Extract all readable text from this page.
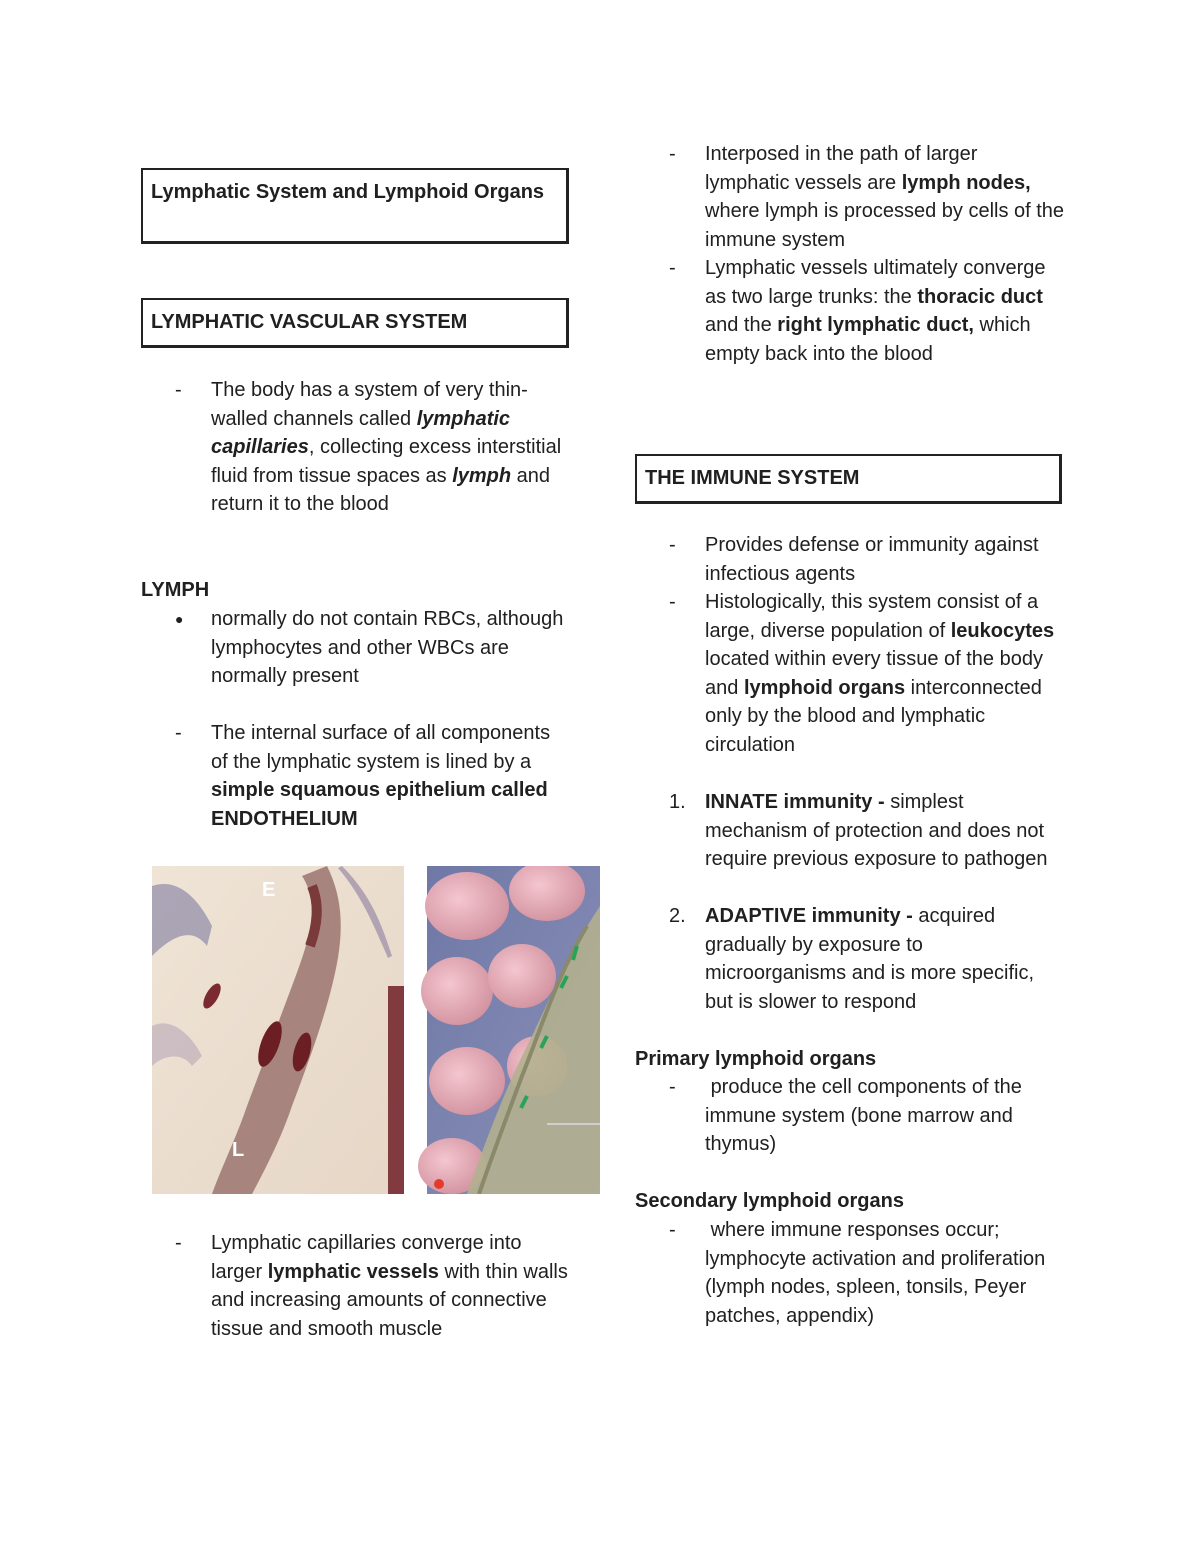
Lymphatic System and Lymphoid Organs
LYMPHATIC VASCULAR SYSTEM
-	The body has a system of very thin-walled channels called lymphatic capillaries, collecting excess interstitial fluid from tissue spaces as lymph and return it to the blood
LYMPH
●	normally do not contain RBCs, although lymphocytes and other WBCs are normally present
-	The internal surface of all components of the lymphatic system is lined by a simple squamous epithelium called ENDOTHELIUM
E
L
-	Lymphatic capillaries converge into larger lymphatic vessels with thin walls and increasing amounts of connective tissue and smooth muscle
-	Interposed in the path of larger lymphatic vessels are lymph nodes, where lymph is processed by cells of the immune system
-	Lymphatic vessels ultimately converge as two large trunks: the thoracic duct and the right lymphatic duct, which empty back into the blood
THE IMMUNE SYSTEM
-	Provides defense or immunity against infectious agents
-	Histologically, this system consist of a large, diverse population of leukocytes located within every tissue of the body and lymphoid organs interconnected only by the blood and lymphatic circulation
1. INNATE immunity - simplest mechanism of protection and does not require previous exposure to pathogen
2. ADAPTIVE immunity - acquired gradually by exposure to microorganisms and is more specific, but is slower to respond
Primary lymphoid organs
-	produce the cell components of the immune system (bone marrow and thymus)
Secondary lymphoid organs
-	where immune responses occur; lymphocyte activation and proliferation (lymph nodes, spleen, tonsils, Peyer patches, appendix)
